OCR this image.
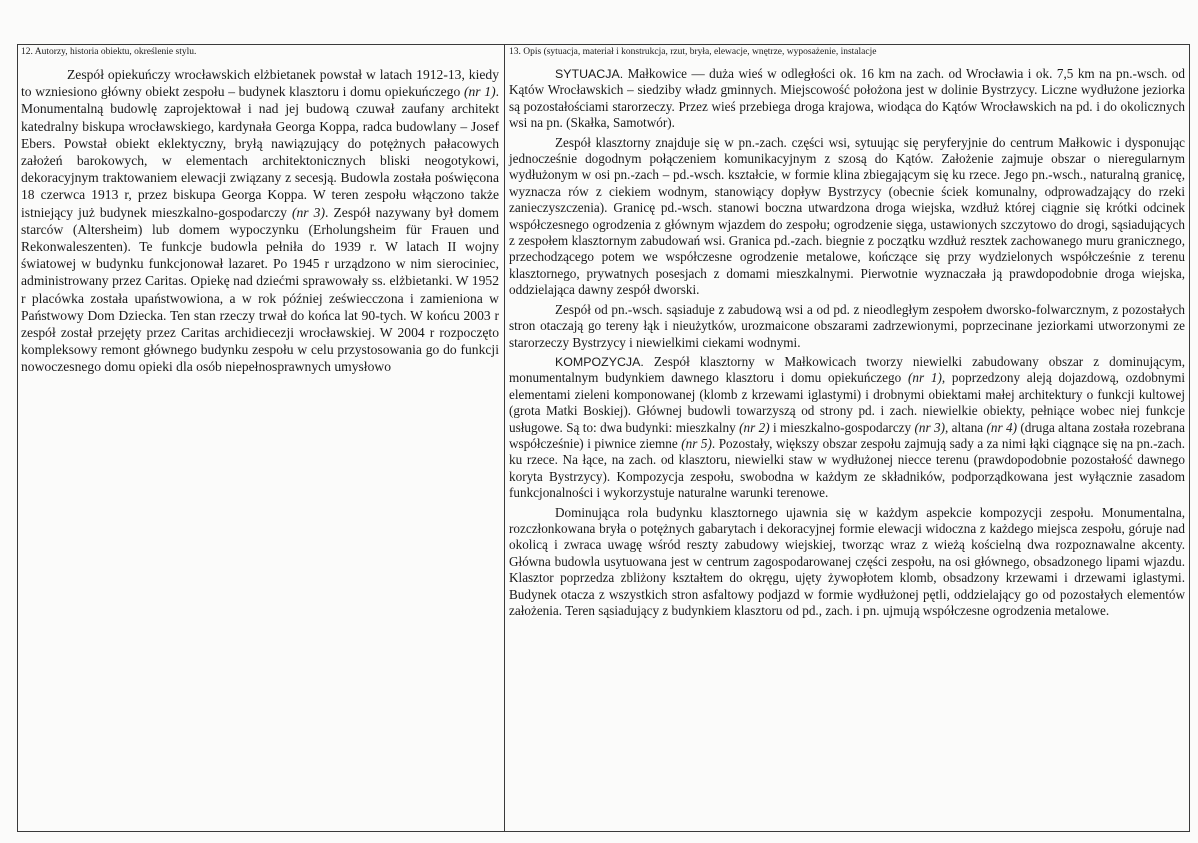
12. Autorzy, historia obiektu, określenie stylu.

Zespół opiekuńczy wrocławskich elżbietanek powstał w latach 1912-13, kiedy to wzniesiono główny obiekt zespołu – budynek klasztoru i domu opiekuńczego (nr 1). Monumentalną budowlę zaprojektował i nad jej budową czuwał zaufany architekt katedralny biskupa wrocławskiego, kardynała Georga Koppa, radca budowlany – Josef Ebers. Powstał obiekt eklektyczny, bryłą nawiązujący do potężnych pałacowych założeń barokowych, w elementach architektonicznych bliski neogotykowi, dekoracyjnym traktowaniem elewacji związany z secesją. Budowla została poświęcona 18 czerwca 1913 r, przez biskupa Georga Koppa. W teren zespołu włączono także istniejący już budynek mieszkalno-gospodarczy (nr 3). Zespół nazywany był domem starców (Altersheim) lub domem wypoczynku (Erholungsheim für Frauen und Rekonwaleszenten). Te funkcje budowla pełniła do 1939 r. W latach II wojny światowej w budynku funkcjonował lazaret. Po 1945 r urządzono w nim sierociniec, administrowany przez Caritas. Opiekę nad dziećmi sprawowały ss. elżbietanki. W 1952 r placówka została upaństwowiona, a w rok później zeświecczona i zamieniona w Państwowy Dom Dziecka. Ten stan rzeczy trwał do końca lat 90-tych. W końcu 2003 r zespół został przejęty przez Caritas archidiecezji wrocławskiej. W 2004 r rozpoczęto kompleksowy remont głównego budynku zespołu w celu przystosowania go do funkcji nowoczesnego domu opieki dla osób niepełnosprawnych umysłowo

13. Opis (sytuacja, materiał i konstrukcja, rzut, bryła, elewacje, wnętrze, wyposażenie, instalacje

SYTUACJA. Małkowice — duża wieś w odległości ok. 16 km na zach. od Wrocławia i ok. 7,5 km na pn.-wsch. od Kątów Wrocławskich – siedziby władz gminnych. Miejscowość położona jest w dolinie Bystrzycy. Liczne wydłużone jeziorka są pozostałościami starorzeczy. Przez wieś przebiega droga krajowa, wiodąca do Kątów Wrocławskich na pd. i do okolicznych wsi na pn. (Skałka, Samotwór).

Zespół klasztorny znajduje się w pn.-zach. części wsi, sytuując się peryferyjnie do centrum Małkowic i dysponując jednocześnie dogodnym połączeniem komunikacyjnym z szosą do Kątów. Założenie zajmuje obszar o nieregularnym wydłużonym w osi pn.-zach – pd.-wsch. kształcie, w formie klina zbiegającym się ku rzece. Jego pn.-wsch., naturalną granicę, wyznacza rów z ciekiem wodnym, stanowiący dopływ Bystrzycy (obecnie ściek komunalny, odprowadzający do rzeki zanieczyszczenia). Granicę pd.-wsch. stanowi boczna utwardzona droga wiejska, wzdłuż której ciągnie się krótki odcinek współczesnego ogrodzenia z głównym wjazdem do zespołu; ogrodzenie sięga, ustawionych szczytowo do drogi, sąsiadujących z zespołem klasztornym zabudowań wsi. Granica pd.-zach. biegnie z początku wzdłuż resztek zachowanego muru granicznego, przechodzącego potem we współczesne ogrodzenie metalowe, kończące się przy wydzielonych współcześnie z terenu klasztornego, prywatnych posesjach z domami mieszkalnymi. Pierwotnie wyznaczała ją prawdopodobnie droga wiejska, oddzielająca dawny zespół dworski.

Zespół od pn.-wsch. sąsiaduje z zabudową wsi a od pd. z nieodległym zespołem dworsko-folwarcznym, z pozostałych stron otaczają go tereny łąk i nieużytków, urozmaicone obszarami zadrzewionymi, poprzecinane jeziorkami utworzonymi ze starorzeczy Bystrzycy i niewielkimi ciekami wodnymi.

KOMPOZYCJA. Zespół klasztorny w Małkowicach tworzy niewielki zabudowany obszar z dominującym, monumentalnym budynkiem dawnego klasztoru i domu opiekuńczego (nr 1), poprzedzony aleją dojazdową, ozdobnymi elementami zieleni komponowanej (klomb z krzewami iglastymi) i drobnymi obiektami małej architektury o funkcji kultowej (grota Matki Boskiej). Głównej budowli towarzyszą od strony pd. i zach. niewielkie obiekty, pełniące wobec niej funkcje usługowe. Są to: dwa budynki: mieszkalny (nr 2) i mieszkalno-gospodarczy (nr 3), altana (nr 4) (druga altana została rozebrana współcześnie) i piwnice ziemne (nr 5). Pozostały, większy obszar zespołu zajmują sady a za nimi łąki ciągnące się na pn.-zach. ku rzece. Na łące, na zach. od klasztoru, niewielki staw w wydłużonej niecce terenu (prawdopodobnie pozostałość dawnego koryta Bystrzycy). Kompozycja zespołu, swobodna w każdym ze składników, podporządkowana jest wyłącznie zasadom funkcjonalności i wykorzystuje naturalne warunki terenowe.

Dominująca rola budynku klasztornego ujawnia się w każdym aspekcie kompozycji zespołu. Monumentalna, rozczłonkowana bryła o potężnych gabarytach i dekoracyjnej formie elewacji widoczna z każdego miejsca zespołu, góruje nad okolicą i zwraca uwagę wśród reszty zabudowy wiejskiej, tworząc wraz z wieżą kościelną dwa rozpoznawalne akcenty. Główna budowla usytuowana jest w centrum zagospodarowanej części zespołu, na osi głównego, obsadzonego lipami wjazdu. Klasztor poprzedza zbliżony kształtem do okręgu, ujęty żywopłotem klomb, obsadzony krzewami i drzewami iglastymi. Budynek otacza z wszystkich stron asfaltowy podjazd w formie wydłużonej pętli, oddzielający go od pozostałych elementów założenia. Teren sąsiadujący z budynkiem klasztoru od pd., zach. i pn. ujmują współczesne ogrodzenia metalowe.
